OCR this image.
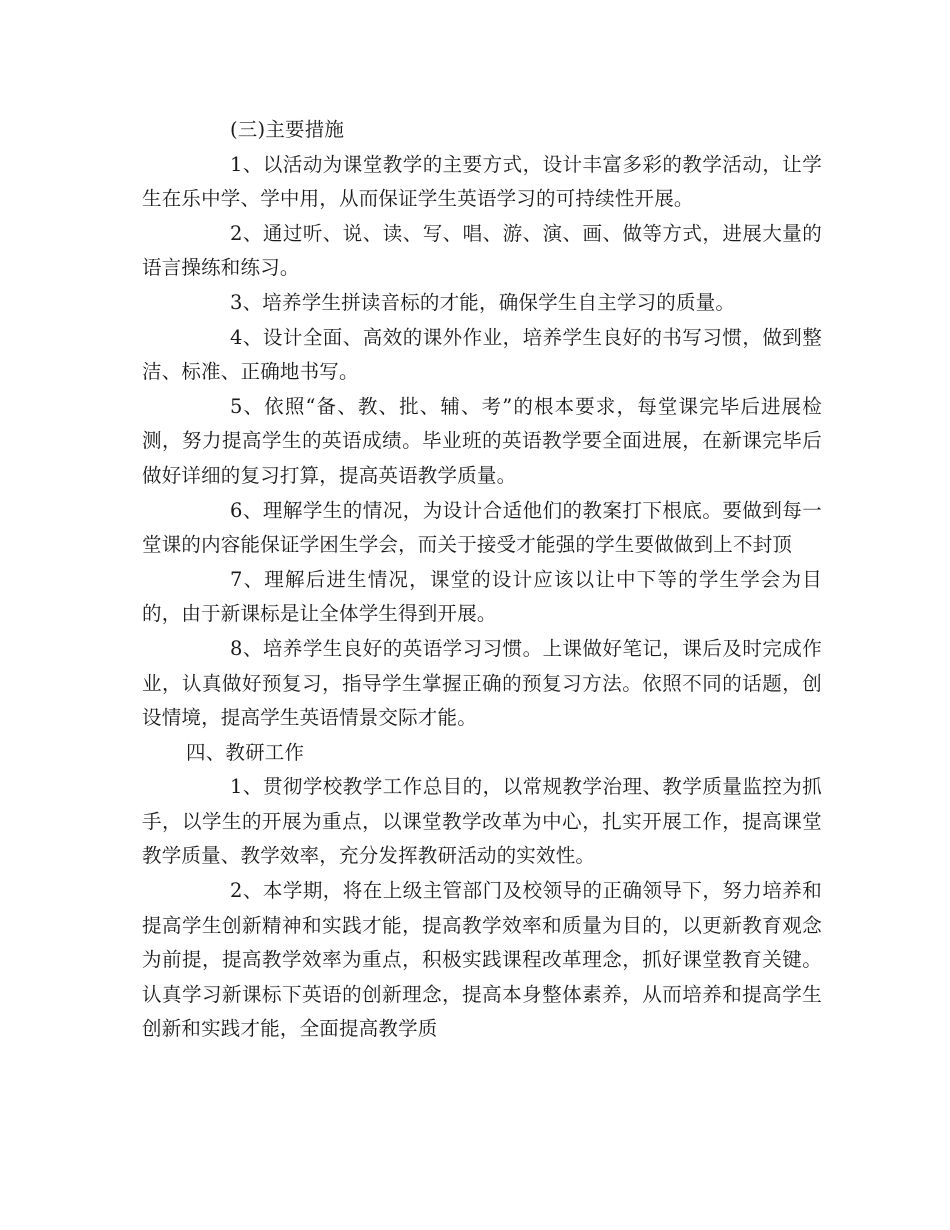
(三)主要措施

1、以活动为课堂教学的主要方式，设计丰富多彩的教学活动，让学生在乐中学、学中用，从而保证学生英语学习的可持续性开展。

2、通过听、说、读、写、唱、游、演、画、做等方式，进展大量的语言操练和练习。

3、培养学生拼读音标的才能，确保学生自主学习的质量。

4、设计全面、高效的课外作业，培养学生良好的书写习惯，做到整洁、标准、正确地书写。

5、依照“备、教、批、辅、考”的根本要求，每堂课完毕后进展检测，努力提高学生的英语成绩。毕业班的英语教学要全面进展，在新课完毕后做好详细的复习打算，提高英语教学质量。

6、理解学生的情况，为设计合适他们的教案打下根底。要做到每一堂课的内容能保证学困生学会，而关于接受才能强的学生要做做到上不封顶

7、理解后进生情况，课堂的设计应该以让中下等的学生学会为目的，由于新课标是让全体学生得到开展。

8、培养学生良好的英语学习习惯。上课做好笔记，课后及时完成作业，认真做好预复习，指导学生掌握正确的预复习方法。依照不同的话题，创设情境，提高学生英语情景交际才能。

四、教研工作

1、贯彻学校教学工作总目的，以常规教学治理、教学质量监控为抓手，以学生的开展为重点，以课堂教学改革为中心，扎实开展工作，提高课堂教学质量、教学效率，充分发挥教研活动的实效性。

2、本学期，将在上级主管部门及校领导的正确领导下，努力培养和提高学生创新精神和实践才能，提高教学效率和质量为目的，以更新教育观念为前提，提高教学效率为重点，积极实践课程改革理念，抓好课堂教育关键。认真学习新课标下英语的创新理念，提高本身整体素养，从而培养和提高学生创新和实践才能，全面提高教学质
